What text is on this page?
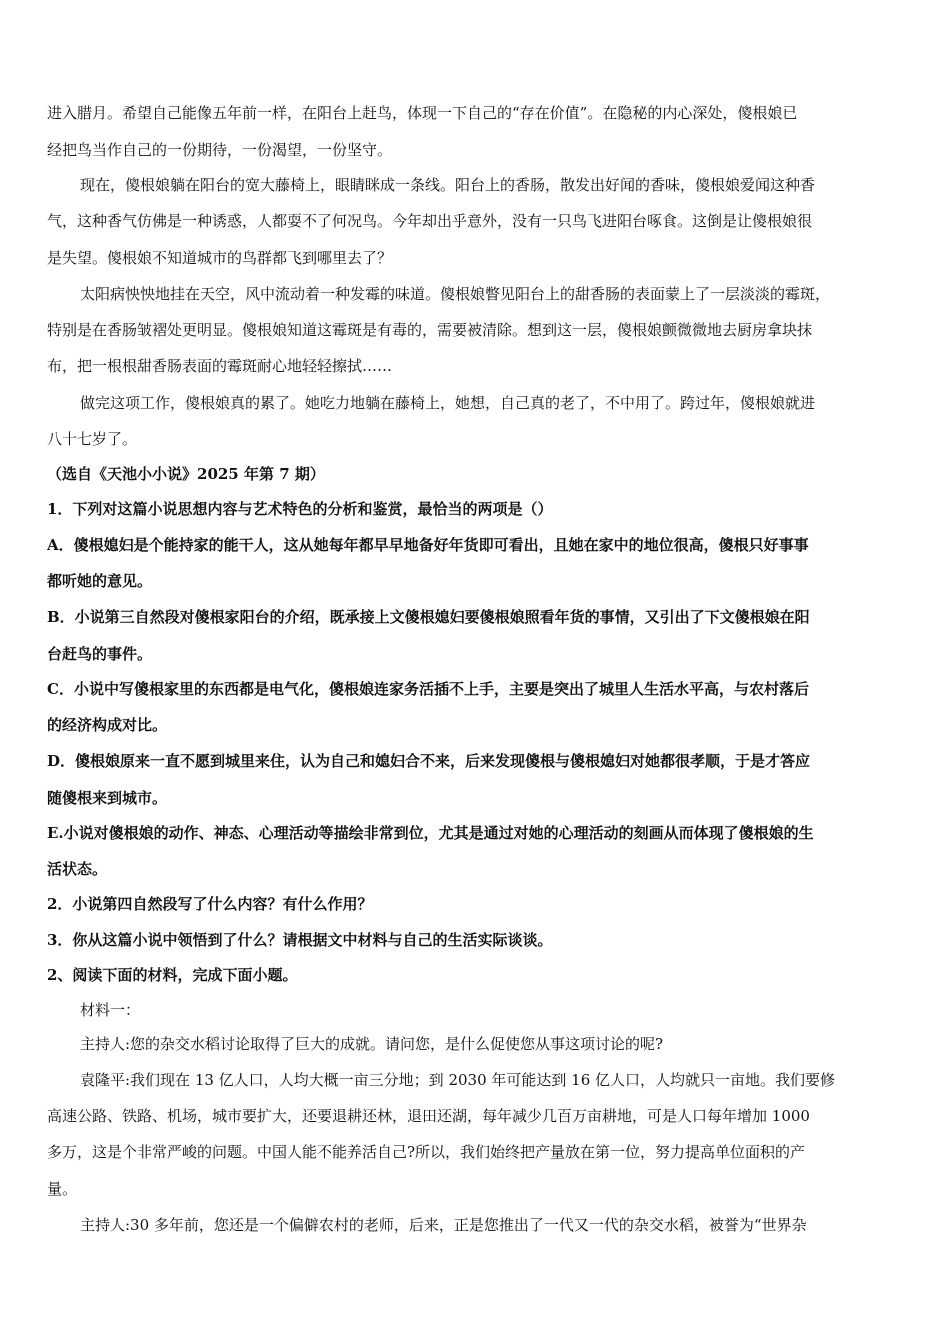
进入腊月。希望自己能像五年前一样，在阳台上赶鸟，体现一下自己的“存在价值”。在隐秘的内心深处，傻根娘已
经把鸟当作自己的一份期待，一份渴望，一份坚守。
现在，傻根娘躺在阳台的宽大藤椅上，眼睛眯成一条线。阳台上的香肠，散发出好闻的香味，傻根娘爱闻这种香
气，这种香气仿佛是一种诱惑，人都耍不了何况鸟。今年却出乎意外，没有一只鸟飞进阳台啄食。这倒是让傻根娘很
是失望。傻根娘不知道城市的鸟群都飞到哪里去了？
太阳病怏怏地挂在天空，风中流动着一种发霉的味道。傻根娘瞥见阳台上的甜香肠的表面蒙上了一层淡淡的霉斑，
特别是在香肠皱褶处更明显。傻根娘知道这霉斑是有毒的，需要被清除。想到这一层，傻根娘颤微微地去厨房拿块抹
布，把一根根甜香肠表面的霉斑耐心地轻轻擦拭……
做完这项工作，傻根娘真的累了。她吃力地躺在藤椅上，她想，自己真的老了，不中用了。跨过年，傻根娘就进
八十七岁了。
（选自《天池小小说》2025 年第 7 期）
1．下列对这篇小说思想内容与艺术特色的分析和鉴赏，最恰当的两项是（）
A．傻根媳妇是个能持家的能干人，这从她每年都早早地备好年货即可看出，且她在家中的地位很高，傻根只好事事
都听她的意见。
B．小说第三自然段对傻根家阳台的介绍，既承接上文傻根媳妇要傻根娘照看年货的事情，又引出了下文傻根娘在阳
台赶鸟的事件。
C．小说中写傻根家里的东西都是电气化，傻根娘连家务活插不上手，主要是突出了城里人生活水平高，与农村落后
的经济构成对比。
D．傻根娘原来一直不愿到城里来住，认为自己和媳妇合不来，后来发现傻根与傻根媳妇对她都很孝顺，于是才答应
随傻根来到城市。
E.小说对傻根娘的动作、神态、心理活动等描绘非常到位，尤其是通过对她的心理活动的刻画从而体现了傻根娘的生
活状态。
2．小说第四自然段写了什么内容？有什么作用？
3．你从这篇小说中领悟到了什么？请根据文中材料与自己的生活实际谈谈。
2、阅读下面的材料，完成下面小题。
材料一：
主持人:您的杂交水稻讨论取得了巨大的成就。请问您，是什么促使您从事这项讨论的呢?
袁隆平:我们现在 13 亿人口，人均大概一亩三分地；到 2030 年可能达到 16 亿人口，人均就只一亩地。我们要修
高速公路、铁路、机场，城市要扩大，还要退耕还林，退田还湖，每年减少几百万亩耕地，可是人口每年增加 1000
多万，这是个非常严峻的问题。中国人能不能养活自己?所以，我们始终把产量放在第一位，努力提高单位面积的产
量。
主持人:30 多年前，您还是一个偏僻农村的老师，后来，正是您推出了一代又一代的杂交水稻，被誉为“世界杂
